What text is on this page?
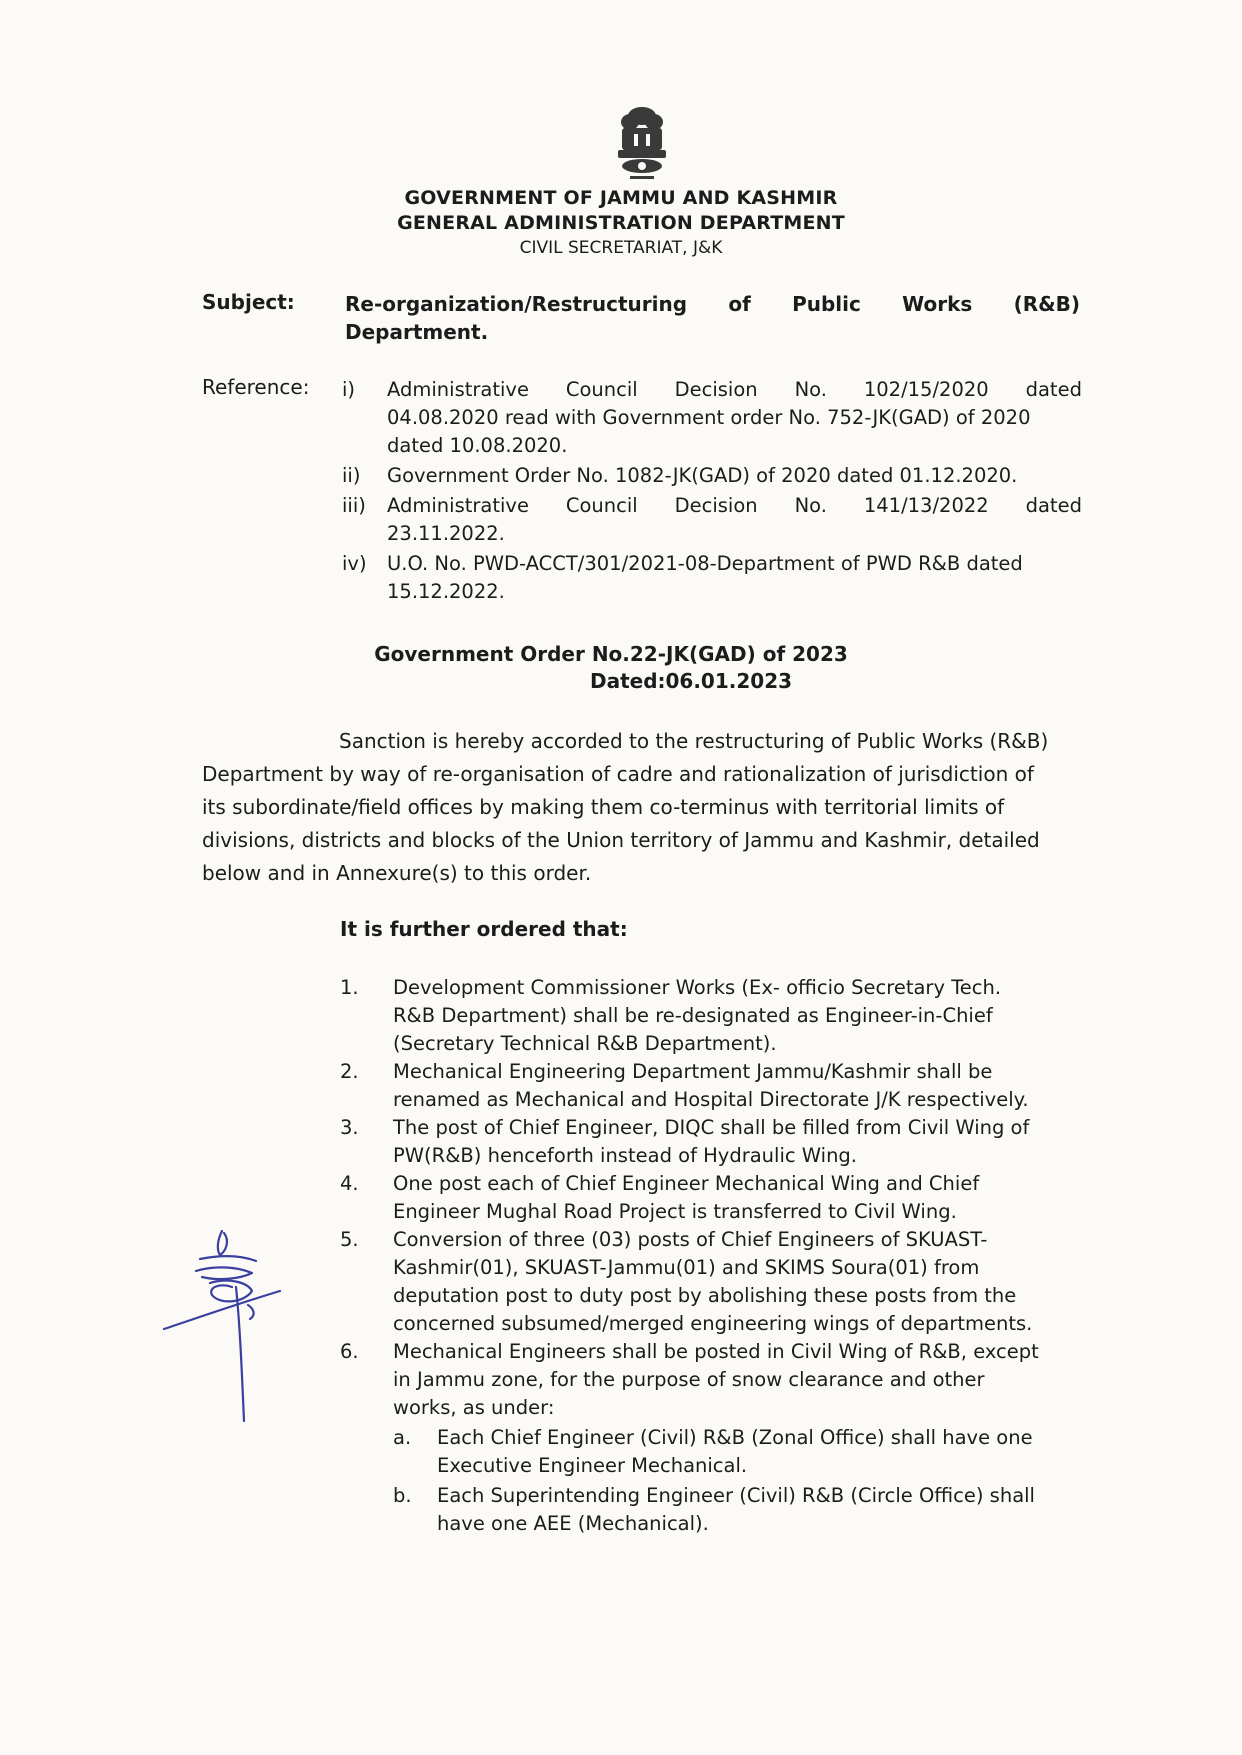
GOVERNMENT OF JAMMU AND KASHMIR
GENERAL ADMINISTRATION DEPARTMENT
CIVIL SECRETARIAT, J&K
Subject:	Re-organization/Restructuring of Public Works (R&B)
Department.
Reference: i)	Administrative Council Decision No. 102/15/2020 dated
04.08.2020 read with Government order No. 752-JK(GAD) of 2020
dated 10.08.2020.
ii)	Government Order No. 1082-JK(GAD) of 2020 dated 01.12.2020.
iii)	Administrative Council Decision No. 141/13/2022 dated
23.11.2022.
iv)	U.O. No. PWD-ACCT/301/2021-08-Department of PWD R&B dated
15.12.2022.
Government Order No.22-JK(GAD) of 2023
Dated:06.01.2023
Sanction is hereby accorded to the restructuring of Public Works (R&B)
Department by way of re-organisation of cadre and rationalization of jurisdiction of
its subordinate/field offices by making them co-terminus with territorial limits of
divisions, districts and blocks of the Union territory of Jammu and Kashmir, detailed
below and in Annexure(s) to this order.
It is further ordered that:
1.	Development Commissioner Works (Ex- officio Secretary Tech.
R&B Department) shall be re-designated as Engineer-in-Chief
(Secretary Technical R&B Department).
2.	Mechanical Engineering Department Jammu/Kashmir shall be
renamed as Mechanical and Hospital Directorate J/K respectively.
3.	The post of Chief Engineer, DIQC shall be filled from Civil Wing of
PW(R&B) henceforth instead of Hydraulic Wing.
4.	One post each of Chief Engineer Mechanical Wing and Chief
Engineer Mughal Road Project is transferred to Civil Wing.
5.	Conversion of three (03) posts of Chief Engineers of SKUAST-
Kashmir(01), SKUAST-Jammu(01) and SKIMS Soura(01) from
deputation post to duty post by abolishing these posts from the
concerned subsumed/merged engineering wings of departments.
6.	Mechanical Engineers shall be posted in Civil Wing of R&B, except
in Jammu zone, for the purpose of snow clearance and other
works, as under:
a.	Each Chief Engineer (Civil) R&B (Zonal Office) shall have one
Executive Engineer Mechanical.
b.	Each Superintending Engineer (Civil) R&B (Circle Office) shall
have one AEE (Mechanical).
